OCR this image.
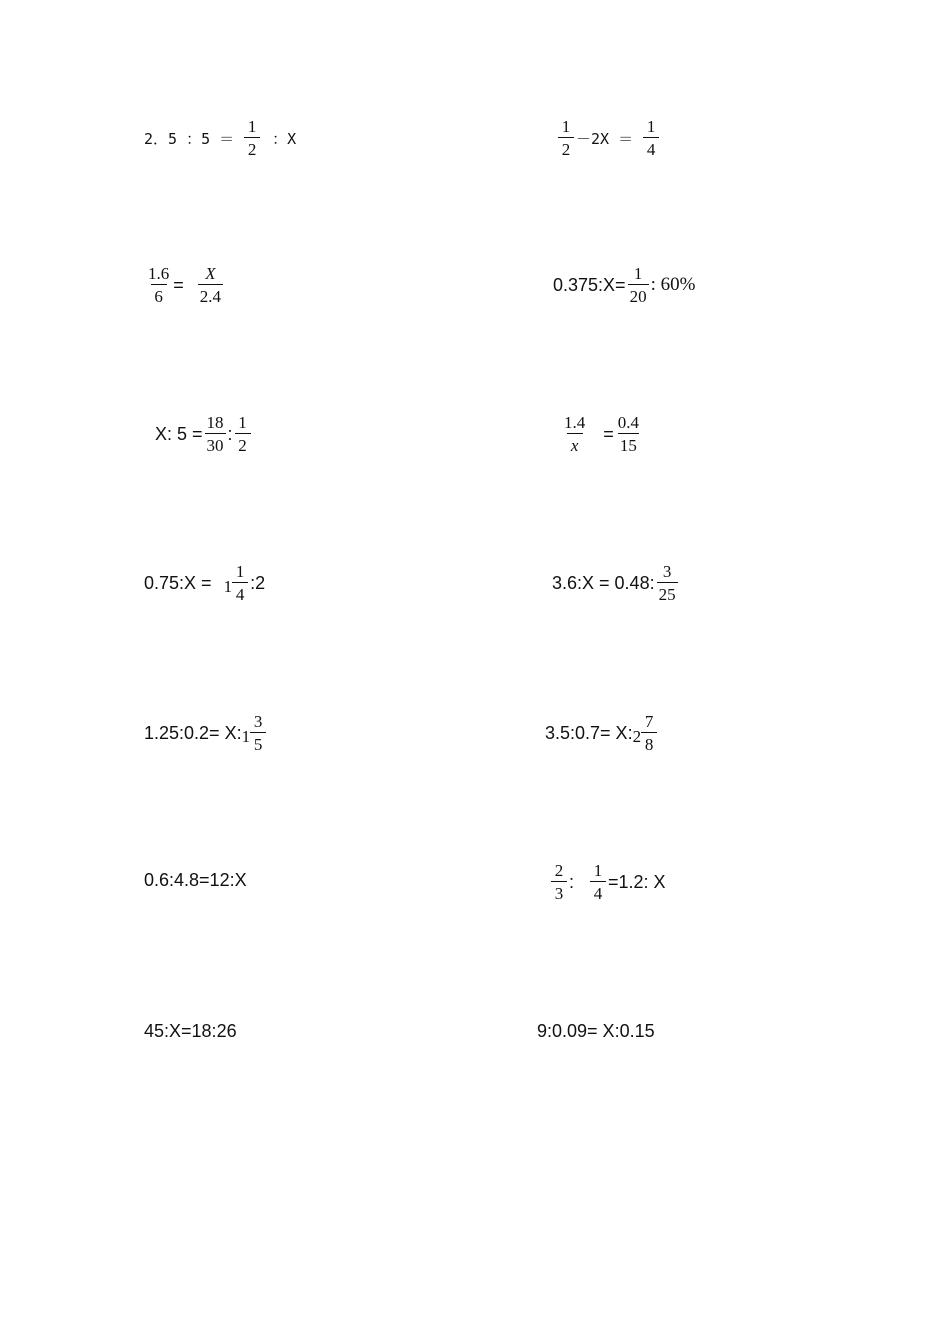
2．5 ：$5 = \frac{1}{2}$ ：X	$\frac{1}{2} -2X = \frac{1}{4}$
$\frac{1.6}{6} = \frac{X}{2.4}$	0.375:X= $\frac{1}{20}$ : 60%
X: $5 = \frac{18}{30}$ : $\frac{1}{2}$	$\frac{1.4}{x} = \frac{0.4}{15}$
0.75:X = $1 \frac{1}{4}$ :2	3.6:X = 0.48: $\frac{3}{25}$
1.25:0.2= X: $1 \frac{3}{5}$	3.5:0.7= X: $2 \frac{7}{8}$
0.6:4.8=12:X	$\frac{2}{3}$ : $\frac{1}{4} =1.2$: X
45:X=18:26	9:0.09= X:0.15
